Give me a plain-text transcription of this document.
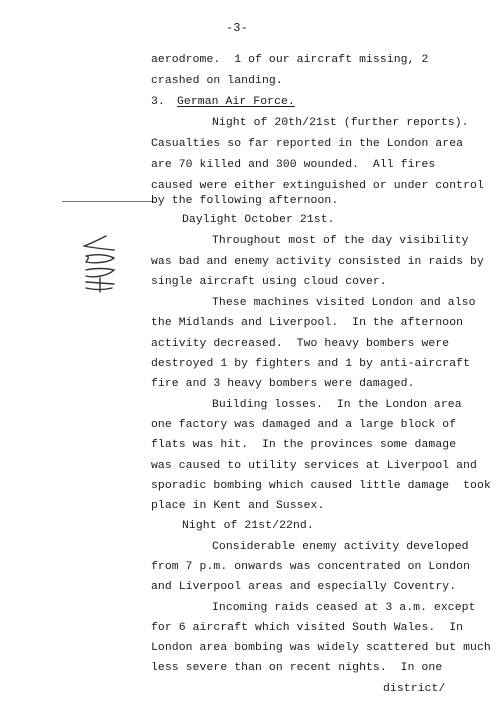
-3-
aerodrome.  1 of our aircraft missing, 2
crashed on landing.
3. German Air Force.
Night of 20th/21st (further reports).
Casualties so far reported in the London area
are 70 killed and 300 wounded.  All fires
caused were either extinguished or under control
by the following afternoon.
Daylight October 21st.
Throughout most of the day visibility
was bad and enemy activity consisted in raids by
single aircraft using cloud cover.
These machines visited London and also
the Midlands and Liverpool.  In the afternoon
activity decreased.  Two heavy bombers were
destroyed 1 by fighters and 1 by anti-aircraft
fire and 3 heavy bombers were damaged.
Building losses.  In the London area
one factory was damaged and a large block of
flats was hit.  In the provinces some damage
was caused to utility services at Liverpool and
sporadic bombing which caused little damage  took
place in Kent and Sussex.
Night of 21st/22nd.
Considerable enemy activity developed
from 7 p.m. onwards was concentrated on London
and Liverpool areas and especially Coventry.
Incoming raids ceased at 3 a.m. except
for 6 aircraft which visited South Wales.  In
London area bombing was widely scattered but much
less severe than on recent nights.  In one
district/
